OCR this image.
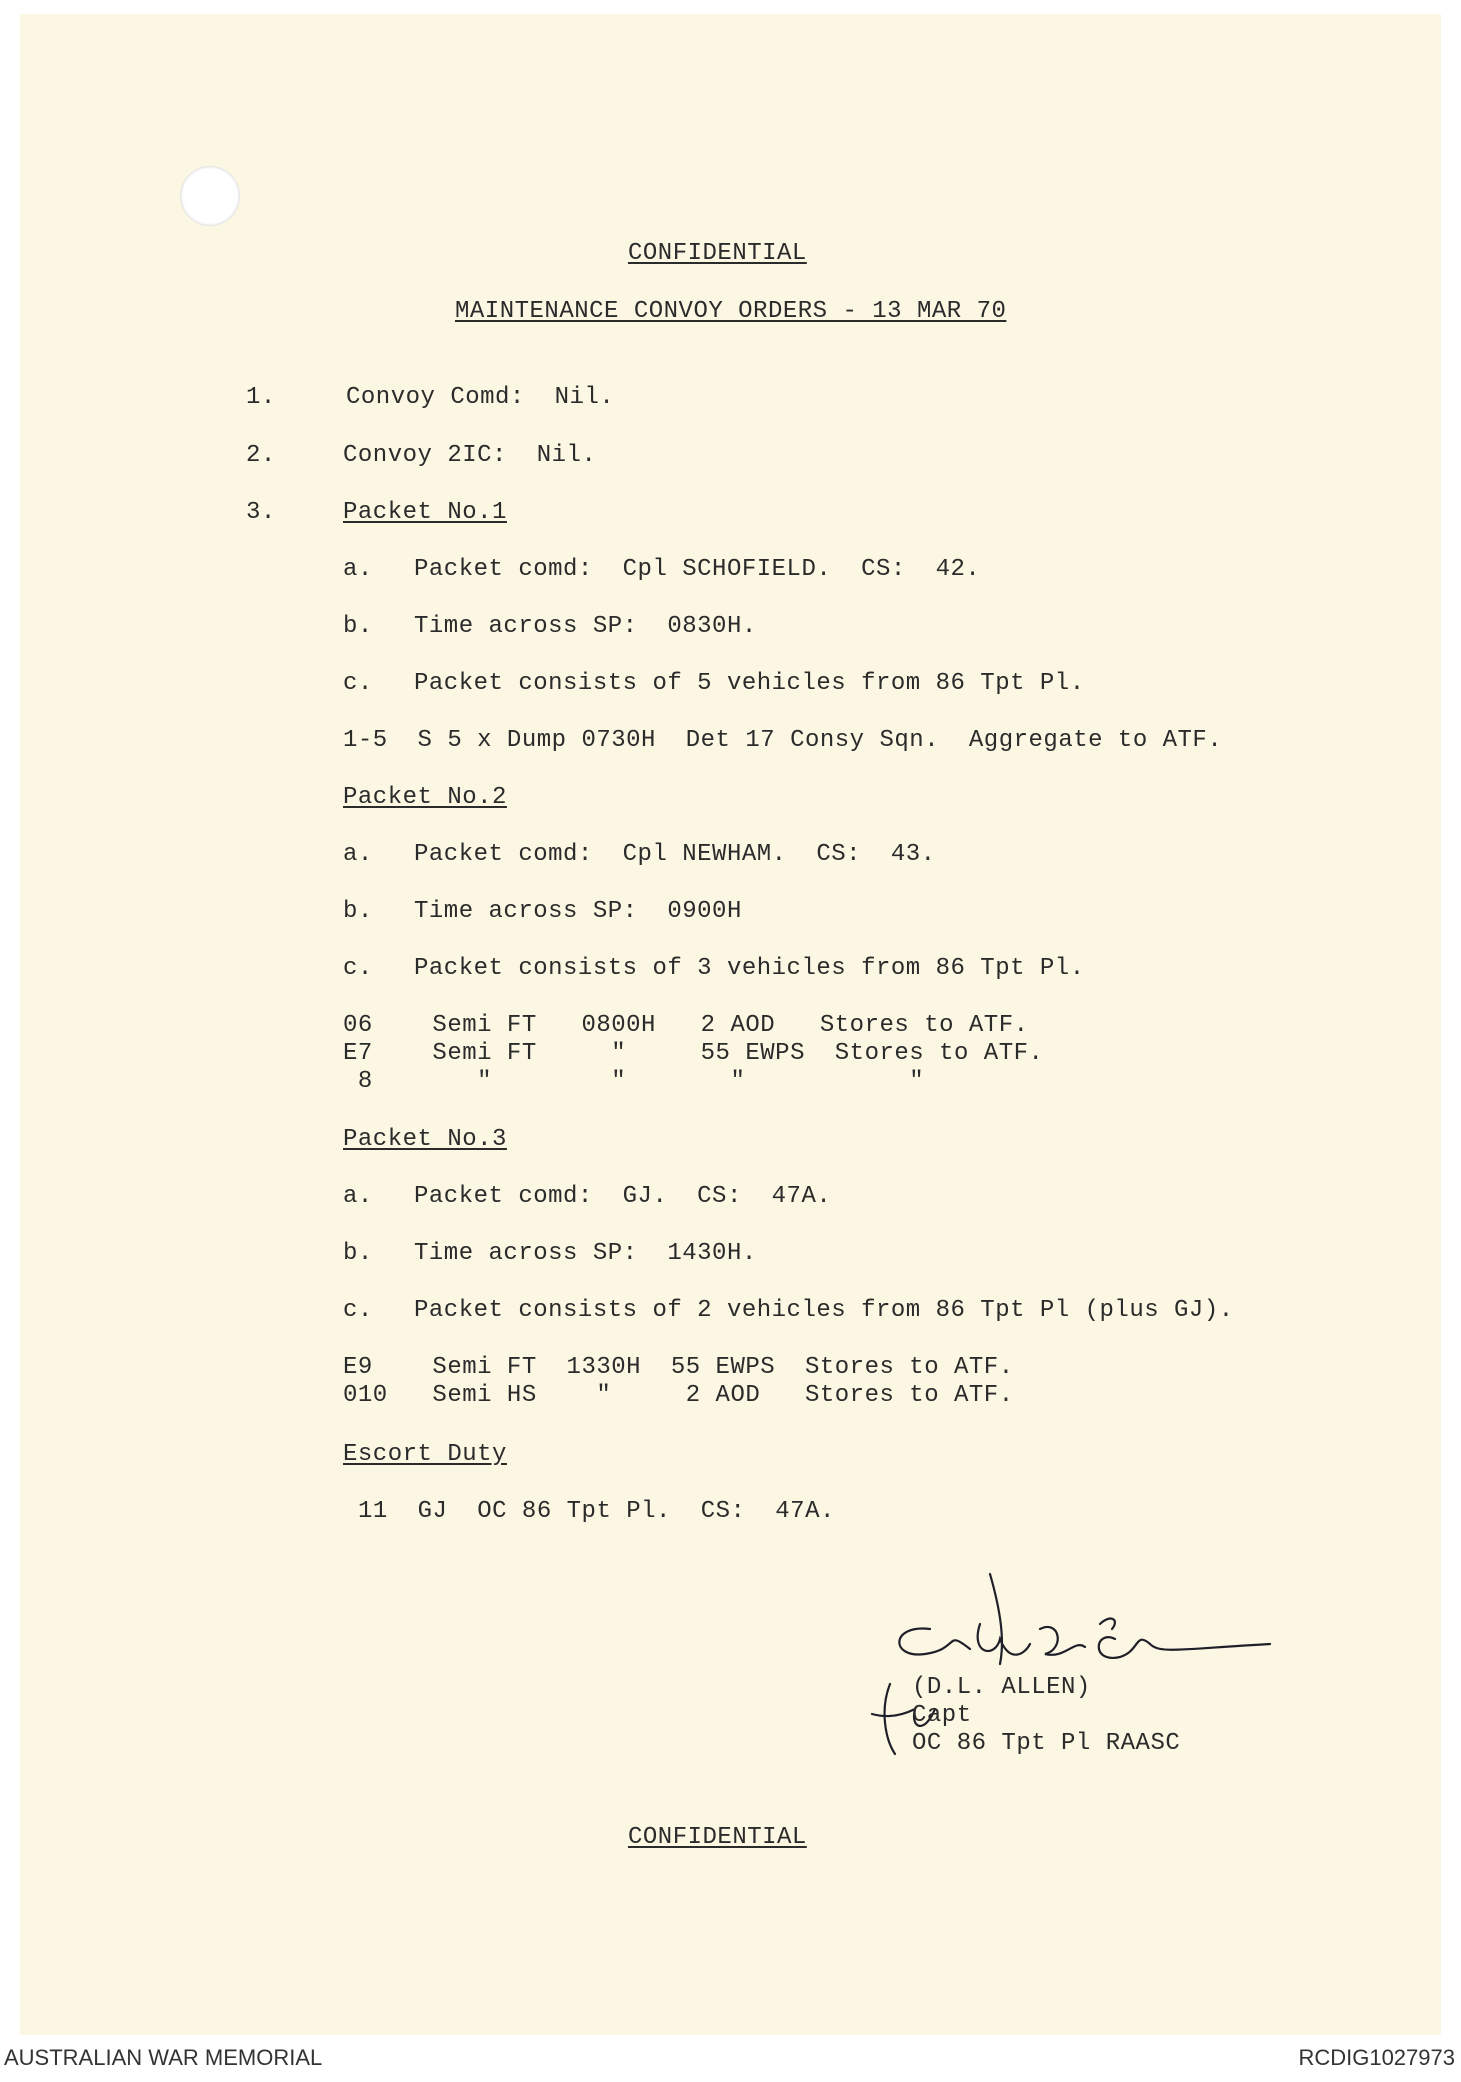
CONFIDENTIAL
MAINTENANCE CONVOY ORDERS - 13 MAR 70
1.	Convoy Comd:  Nil.
2.	Convoy 2IC:  Nil.
3.	Packet No.1
a. Packet comd:  Cpl SCHOFIELD.  CS:  42.
b. Time across SP:  0830H.
c. Packet consists of 5 vehicles from 86 Tpt Pl.
1-5  S 5 x Dump 0730H  Det 17 Consy Sqn.  Aggregate to ATF.
Packet No.2
a. Packet comd:  Cpl NEWHAM.  CS:  43.
b. Time across SP:  0900H
c. Packet consists of 3 vehicles from 86 Tpt Pl.
06    Semi FT   0800H   2 AOD   Stores to ATF.
E7    Semi FT     "     55 EWPS  Stores to ATF.
8       "        "       "           "
Packet No.3
a. Packet comd:  GJ.  CS:  47A.
b. Time across SP:  1430H.
c. Packet consists of 2 vehicles from 86 Tpt Pl (plus GJ).
E9    Semi FT  1330H  55 EWPS  Stores to ATF.
010   Semi HS    "     2 AOD   Stores to ATF.
Escort Duty
11  GJ  OC 86 Tpt Pl.  CS:  47A.
(D.L. ALLEN)
Capt
OC 86 Tpt Pl RAASC
CONFIDENTIAL
AUSTRALIAN WAR MEMORIAL	RCDIG1027973
